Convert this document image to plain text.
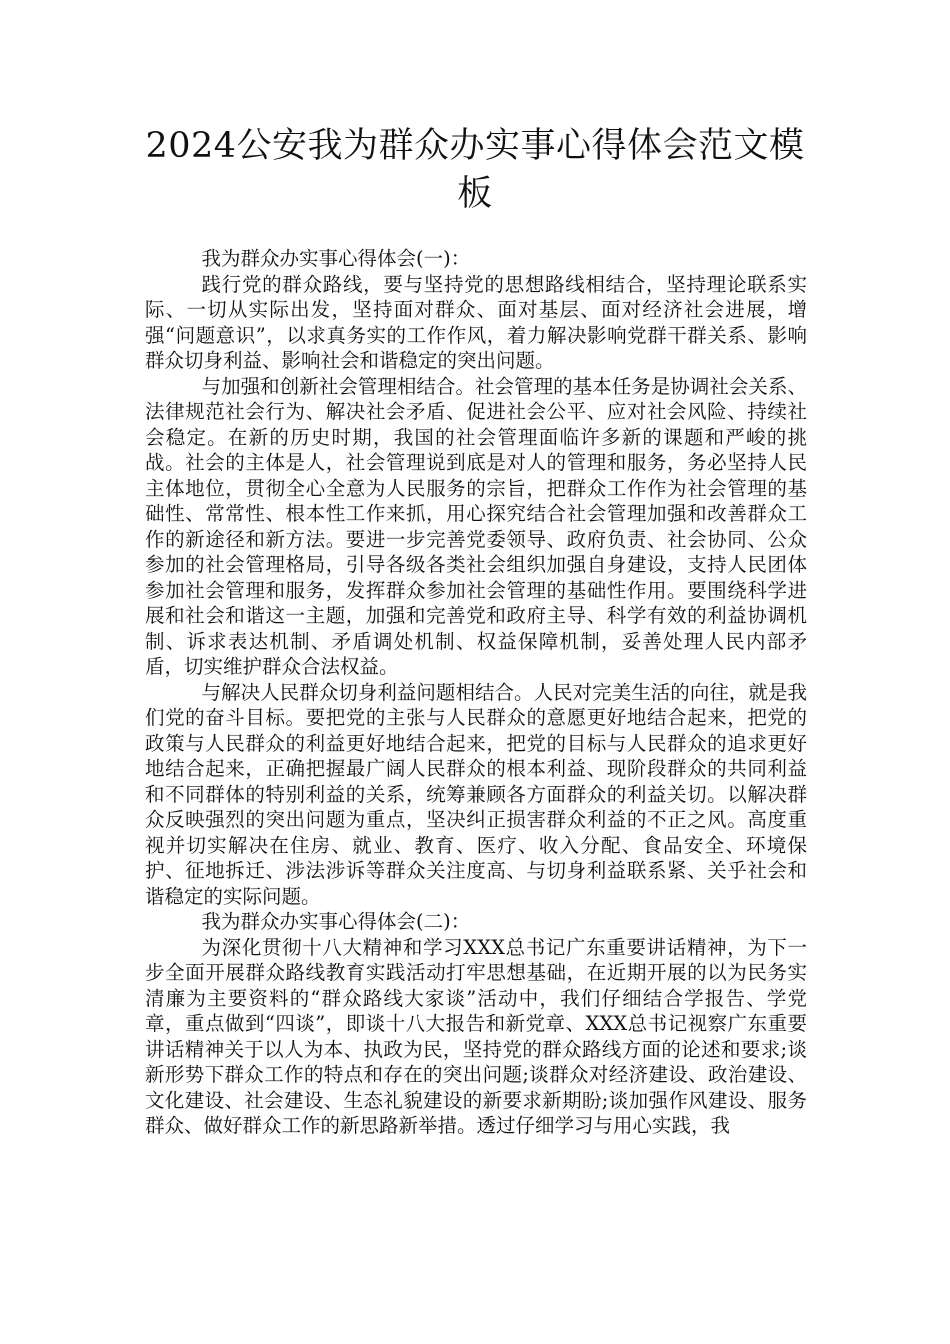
2024公安我为群众办实事心得体会范文模板

我为群众办实事心得体会(一)：

践行党的群众路线，要与坚持党的思想路线相结合，坚持理论联系实际、一切从实际出发，坚持面对群众、面对基层、面对经济社会进展，增强“问题意识”，以求真务实的工作作风，着力解决影响党群干群关系、影响群众切身利益、影响社会和谐稳定的突出问题。

与加强和创新社会管理相结合。社会管理的基本任务是协调社会关系、法律规范社会行为、解决社会矛盾、促进社会公平、应对社会风险、持续社会稳定。在新的历史时期，我国的社会管理面临许多新的课题和严峻的挑战。社会的主体是人，社会管理说到底是对人的管理和服务，务必坚持人民主体地位，贯彻全心全意为人民服务的宗旨，把群众工作作为社会管理的基础性、常常性、根本性工作来抓，用心探究结合社会管理加强和改善群众工作的新途径和新方法。要进一步完善党委领导、政府负责、社会协同、公众参加的社会管理格局，引导各级各类社会组织加强自身建设，支持人民团体参加社会管理和服务，发挥群众参加社会管理的基础性作用。要围绕科学进展和社会和谐这一主题，加强和完善党和政府主导、科学有效的利益协调机制、诉求表达机制、矛盾调处机制、权益保障机制，妥善处理人民内部矛盾，切实维护群众合法权益。

与解决人民群众切身利益问题相结合。人民对完美生活的向往，就是我们党的奋斗目标。要把党的主张与人民群众的意愿更好地结合起来，把党的政策与人民群众的利益更好地结合起来，把党的目标与人民群众的追求更好地结合起来，正确把握最广阔人民群众的根本利益、现阶段群众的共同利益和不同群体的特别利益的关系，统筹兼顾各方面群众的利益关切。以解决群众反映强烈的突出问题为重点，坚决纠正损害群众利益的不正之风。高度重视并切实解决在住房、就业、教育、医疗、收入分配、食品安全、环境保护、征地拆迁、涉法涉诉等群众关注度高、与切身利益联系紧、关乎社会和谐稳定的实际问题。

我为群众办实事心得体会(二)：

为深化贯彻十八大精神和学习XXX总书记广东重要讲话精神，为下一步全面开展群众路线教育实践活动打牢思想基础，在近期开展的以为民务实清廉为主要资料的“群众路线大家谈”活动中，我们仔细结合学报告、学党章，重点做到“四谈”，即谈十八大报告和新党章、XXX总书记视察广东重要讲话精神关于以人为本、执政为民，坚持党的群众路线方面的论述和要求;谈新形势下群众工作的特点和存在的突出问题;谈群众对经济建设、政治建设、文化建设、社会建设、生态礼貌建设的新要求新期盼;谈加强作风建设、服务群众、做好群众工作的新思路新举措。透过仔细学习与用心实践，我
